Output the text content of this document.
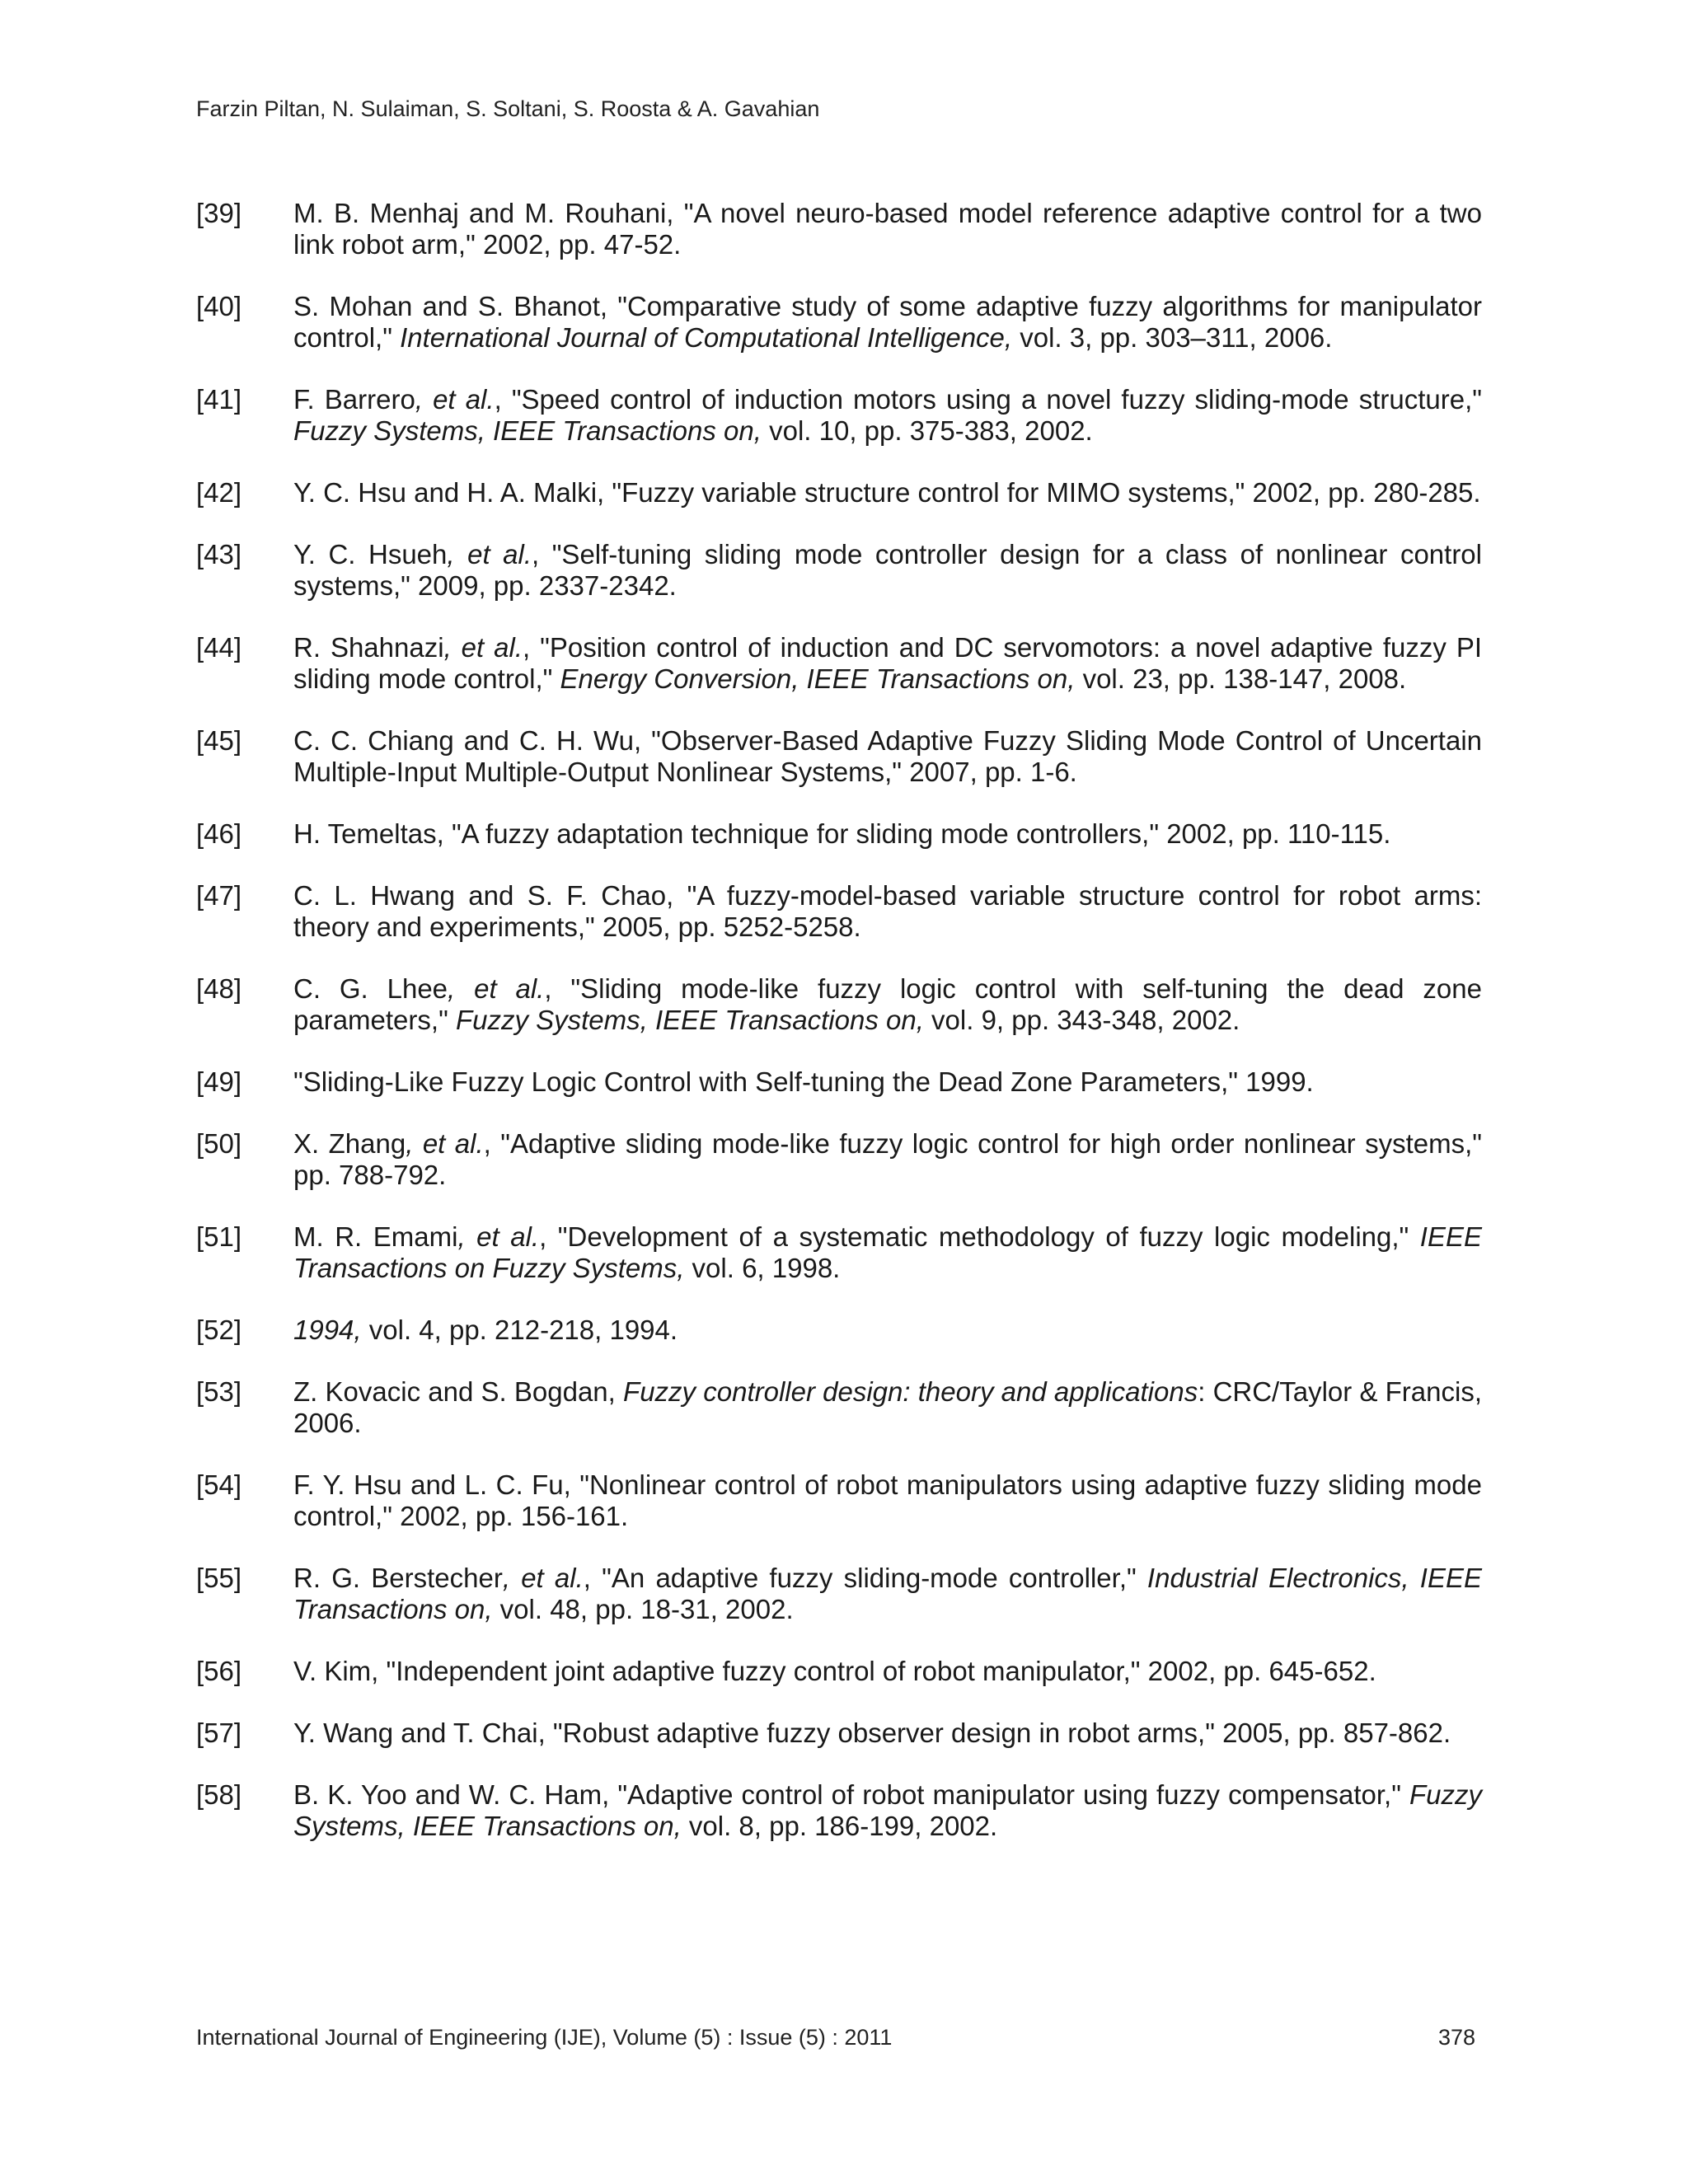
Farzin Piltan, N. Sulaiman, S. Soltani, S. Roosta & A. Gavahian
[39] M. B. Menhaj and M. Rouhani, "A novel neuro-based model reference adaptive control for a two link robot arm," 2002, pp. 47-52.
[40] S. Mohan and S. Bhanot, "Comparative study of some adaptive fuzzy algorithms for manipulator control," International Journal of Computational Intelligence, vol. 3, pp. 303–311, 2006.
[41] F. Barrero, et al., "Speed control of induction motors using a novel fuzzy sliding-mode structure," Fuzzy Systems, IEEE Transactions on, vol. 10, pp. 375-383, 2002.
[42] Y. C. Hsu and H. A. Malki, "Fuzzy variable structure control for MIMO systems," 2002, pp. 280-285.
[43] Y. C. Hsueh, et al., "Self-tuning sliding mode controller design for a class of nonlinear control systems," 2009, pp. 2337-2342.
[44] R. Shahnazi, et al., "Position control of induction and DC servomotors: a novel adaptive fuzzy PI sliding mode control," Energy Conversion, IEEE Transactions on, vol. 23, pp. 138-147, 2008.
[45] C. C. Chiang and C. H. Wu, "Observer-Based Adaptive Fuzzy Sliding Mode Control of Uncertain Multiple-Input Multiple-Output Nonlinear Systems," 2007, pp. 1-6.
[46] H. Temeltas, "A fuzzy adaptation technique for sliding mode controllers," 2002, pp. 110-115.
[47] C. L. Hwang and S. F. Chao, "A fuzzy-model-based variable structure control for robot arms: theory and experiments," 2005, pp. 5252-5258.
[48] C. G. Lhee, et al., "Sliding mode-like fuzzy logic control with self-tuning the dead zone parameters," Fuzzy Systems, IEEE Transactions on, vol. 9, pp. 343-348, 2002.
[49] "Sliding-Like Fuzzy Logic Control with Self-tuning the Dead Zone Parameters," 1999.
[50] X. Zhang, et al., "Adaptive sliding mode-like fuzzy logic control for high order nonlinear systems," pp. 788-792.
[51] M. R. Emami, et al., "Development of a systematic methodology of fuzzy logic modeling," IEEE Transactions on Fuzzy Systems, vol. 6, 1998.
[52] 1994, vol. 4, pp. 212-218, 1994.
[53] Z. Kovacic and S. Bogdan, Fuzzy controller design: theory and applications: CRC/Taylor & Francis, 2006.
[54] F. Y. Hsu and L. C. Fu, "Nonlinear control of robot manipulators using adaptive fuzzy sliding mode control," 2002, pp. 156-161.
[55] R. G. Berstecher, et al., "An adaptive fuzzy sliding-mode controller," Industrial Electronics, IEEE Transactions on, vol. 48, pp. 18-31, 2002.
[56] V. Kim, "Independent joint adaptive fuzzy control of robot manipulator," 2002, pp. 645-652.
[57] Y. Wang and T. Chai, "Robust adaptive fuzzy observer design in robot arms," 2005, pp. 857-862.
[58] B. K. Yoo and W. C. Ham, "Adaptive control of robot manipulator using fuzzy compensator," Fuzzy Systems, IEEE Transactions on, vol. 8, pp. 186-199, 2002.
International Journal of Engineering (IJE), Volume (5) : Issue (5) : 2011	378
